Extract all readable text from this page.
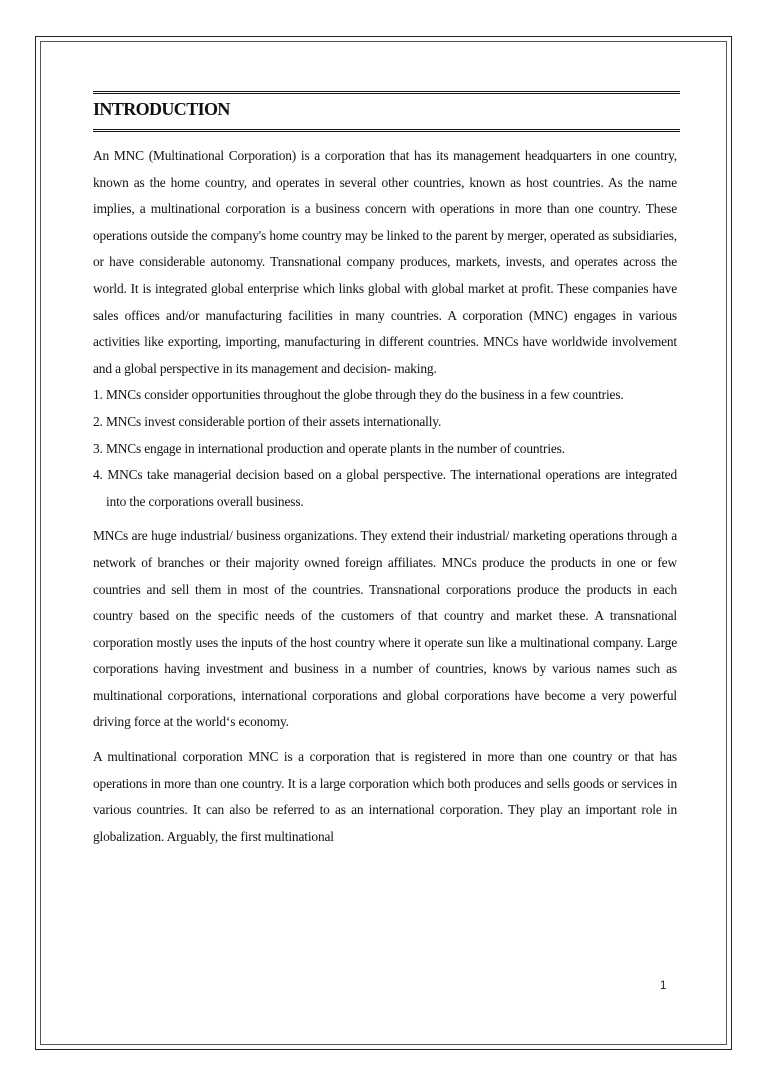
INTRODUCTION

An MNC (Multinational Corporation) is a corporation that has its management headquarters in one country, known as the home country, and operates in several other countries, known as host countries. As the name implies, a multinational corporation is a business concern with operations in more than one country. These operations outside the company's home country may be linked to the parent by merger, operated as subsidiaries, or have considerable autonomy. Transnational company produces, markets, invests, and operates across the world. It is integrated global enterprise which links global with global market at profit. These companies have sales offices and/or manufacturing facilities in many countries. A corporation (MNC) engages in various activities like exporting, importing, manufacturing in different countries. MNCs have worldwide involvement and a global perspective in its management and decision- making.

1. MNCs consider opportunities throughout the globe through they do the business in a few countries.
2. MNCs invest considerable portion of their assets internationally.
3. MNCs engage in international production and operate plants in the number of countries.
4. MNCs take managerial decision based on a global perspective. The international operations are integrated into the corporations overall business.

MNCs are huge industrial/ business organizations. They extend their industrial/ marketing operations through a network of branches or their majority owned foreign affiliates. MNCs produce the products in one or few countries and sell them in most of the countries. Transnational corporations produce the products in each country based on the specific needs of the customers of that country and market these. A transnational corporation mostly uses the inputs of the host country where it operate sun like a multinational company. Large corporations having investment and business in a number of countries, knows by various names such as multinational corporations, international corporations and global corporations have become a very powerful driving force at the world‘s economy.

A multinational corporation MNC is a corporation that is registered in more than one country or that has operations in more than one country. It is a large corporation which both produces and sells goods or services in various countries. It can also be referred to as an international corporation. They play an important role in globalization. Arguably, the first multinational

1
